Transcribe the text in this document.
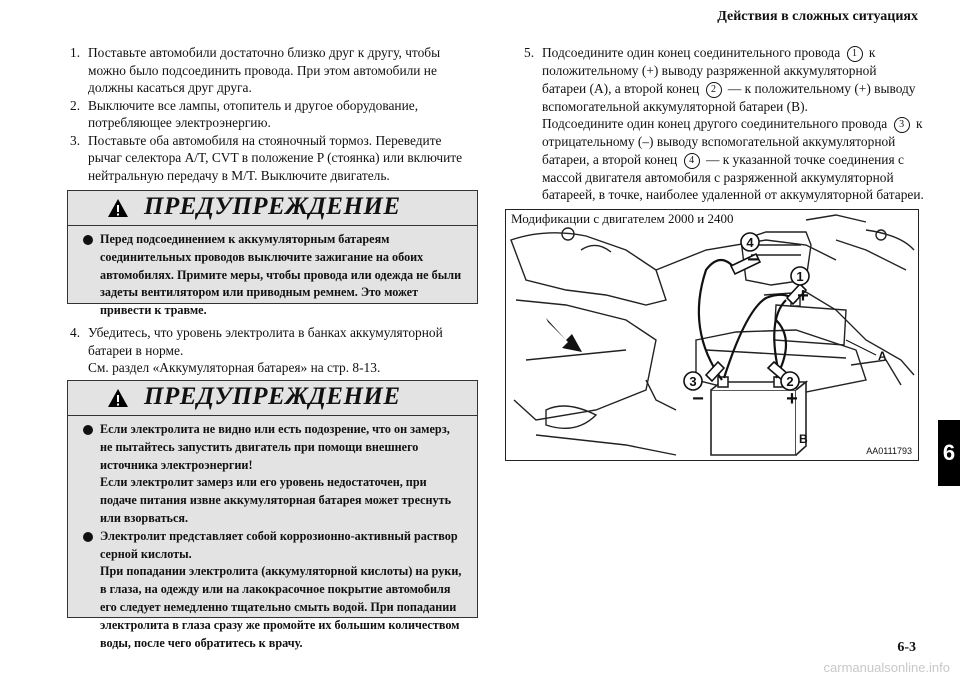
Действия в сложных ситуациях
1. Поставьте автомобили достаточно близко друг к другу, чтобы можно было подсоединить провода. При этом автомобили не должны касаться друг друга.
2. Выключите все лампы, отопитель и другое оборудование, потребляющее электроэнергию.
3. Поставьте оба автомобиля на стояночный тормоз. Переведите рычаг селектора A/T, CVT в положение P (стоянка) или включите нейтральную передачу в M/T. Выключите двигатель.
ПРЕДУПРЕЖДЕНИЕ
Перед подсоединением к аккумуляторным батареям соединительных проводов выключите зажигание на обоих автомобилях. Примите меры, чтобы провода или одежда не были задеты вентилятором или приводным ремнем. Это может привести к травме.
4. Убедитесь, что уровень электролита в банках аккумуляторной батареи в норме.
См. раздел «Аккумуляторная батарея» на стр. 8-13.
ПРЕДУПРЕЖДЕНИЕ
Если электролита не видно или есть подозрение, что он замерз, не пытайтесь запустить двигатель при помощи внешнего источника электроэнергии!
Если электролит замерз или его уровень недостаточен, при подаче питания извне аккумуляторная батарея может треснуть или взорваться.
Электролит представляет собой коррозионно-активный раствор серной кислоты.
При попадании электролита (аккумуляторной кислоты) на руки, в глаза, на одежду или на лакокрасочное покрытие автомобиля его следует немедленно тщательно смыть водой. При попадании электролита в глаза сразу же промойте их большим количеством воды, после чего обратитесь к врачу.
5. Подсоедините один конец соединительного провода 1 к положительному (+) выводу разряженной аккумуляторной батареи (A), а второй конец 2 — к положительному (+) выводу вспомогательной аккумуляторной батареи (B).
Подсоедините один конец другого соединительного провода 3 к отрицательному (–) выводу вспомогательной аккумуляторной батареи, а второй конец 4 — к указанной точке соединения с массой двигателя автомобиля с разряженной аккумуляторной батареей, в точке, наиболее удаленной от аккумуляторной батареи.
Модификации с двигателем 2000 и 2400
4
1
3	2
−
+
−	+
A
B
AA0111793 6
6-3
carmanualsonline.info
